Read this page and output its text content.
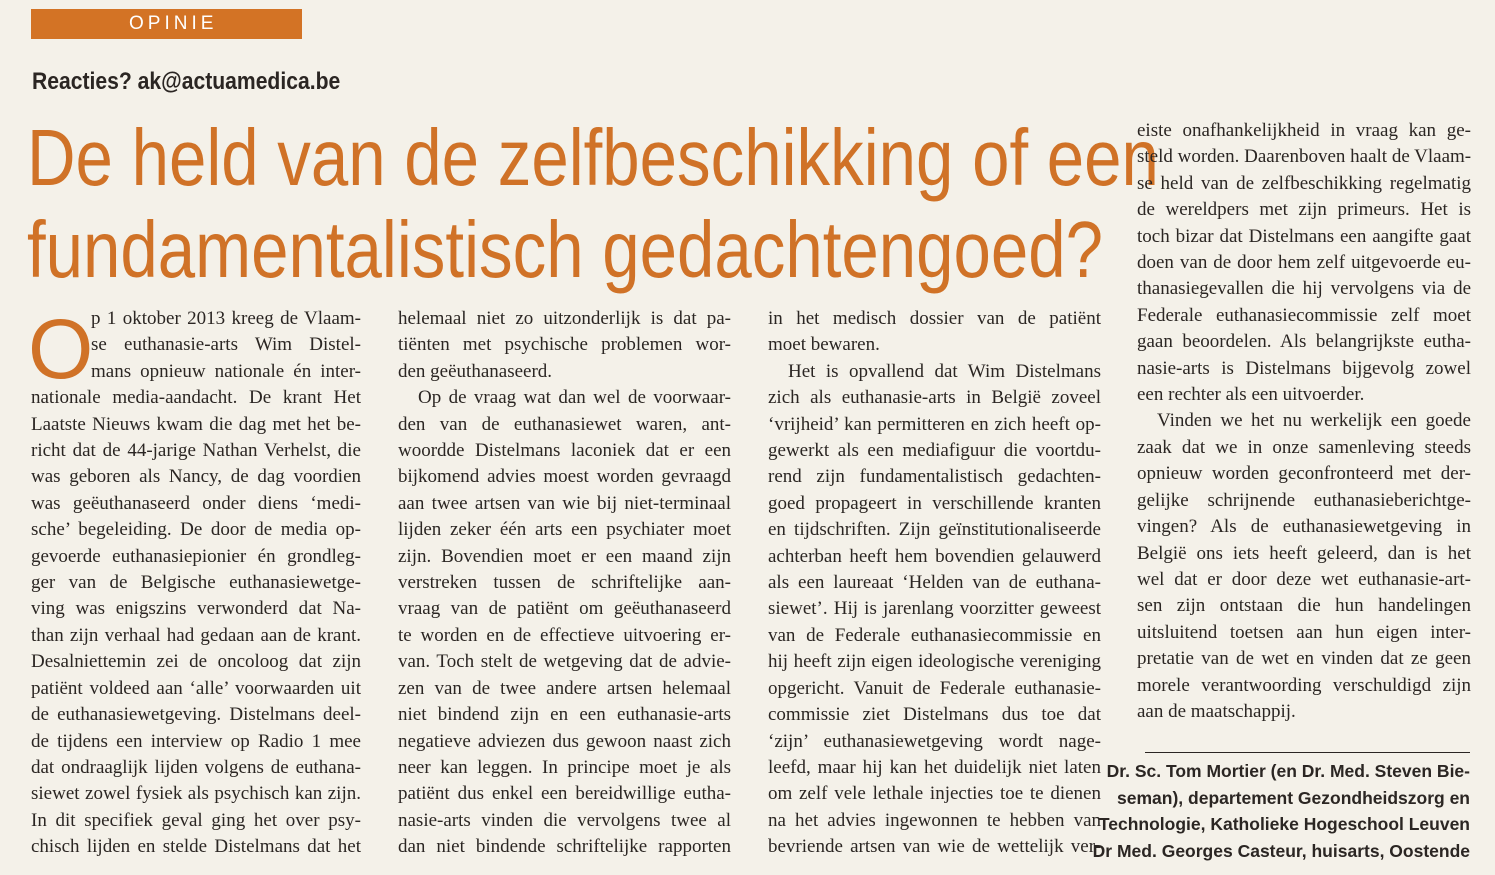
OPINIE
Reacties? ak@actuamedica.be
De held van de zelfbeschikking of een
fundamentalistisch gedachtengoed?
O

p 1 oktober 2013 kreeg de Vlaam-
se euthanasie-arts Wim Distel-
mans opnieuw nationale én inter-
nationale media-aandacht. De krant Het
Laatste Nieuws kwam die dag met het be-
richt dat de 44-jarige Nathan Verhelst, die
was geboren als Nancy, de dag voordien
was geëuthanaseerd onder diens ‘medi-
sche’ begeleiding. De door de media op-
gevoerde euthanasiepionier én grondleg-
ger van de Belgische euthanasiewetge-
ving was enigszins verwonderd dat Na-
than zijn verhaal had gedaan aan de krant.
Desalniettemin zei de oncoloog dat zijn
patiënt voldeed aan ‘alle’ voorwaarden uit
de euthanasiewetgeving. Distelmans deel-
de tijdens een interview op Radio 1 mee
dat ondraaglijk lijden volgens de euthana-
siewet zowel fysiek als psychisch kan zijn.
In dit specifiek geval ging het over psy-
chisch lijden en stelde Distelmans dat het

helemaal niet zo uitzonderlijk is dat pa-
tiënten met psychische problemen wor-
den geëuthanaseerd.

Op de vraag wat dan wel de voorwaar-
den van de euthanasiewet waren, ant-
woordde Distelmans laconiek dat er een
bijkomend advies moest worden gevraagd
aan twee artsen van wie bij niet-terminaal
lijden zeker één arts een psychiater moet
zijn. Bovendien moet er een maand zijn
verstreken tussen de schriftelijke aan-
vraag van de patiënt om geëuthanaseerd
te worden en de effectieve uitvoering er-
van. Toch stelt de wetgeving dat de advie-
zen van de twee andere artsen helemaal
niet bindend zijn en een euthanasie-arts
negatieve adviezen dus gewoon naast zich
neer kan leggen. In principe moet je als
patiënt dus enkel een bereidwillige eutha-
nasie-arts vinden die vervolgens twee al
dan niet bindende schriftelijke rapporten

in het medisch dossier van de patiënt
moet bewaren.

Het is opvallend dat Wim Distelmans
zich als euthanasie-arts in België zoveel
‘vrijheid’ kan permitteren en zich heeft op-
gewerkt als een mediafiguur die voortdu-
rend zijn fundamentalistisch gedachten-
goed propageert in verschillende kranten
en tijdschriften. Zijn geïnstitutionaliseerde
achterban heeft hem bovendien gelauwerd
als een laureaat ‘Helden van de euthana-
siewet’. Hij is jarenlang voorzitter geweest
van de Federale euthanasiecommissie en
hij heeft zijn eigen ideologische vereniging
opgericht. Vanuit de Federale euthanasie-
commissie ziet Distelmans dus toe dat
‘zijn’ euthanasiewetgeving wordt nage-
leefd, maar hij kan het duidelijk niet laten
om zelf vele lethale injecties toe te dienen
na het advies ingewonnen te hebben van
bevriende artsen van wie de wettelijk ver-

eiste onafhankelijkheid in vraag kan ge-
steld worden. Daarenboven haalt de Vlaam-
se held van de zelfbeschikking regelmatig
de wereldpers met zijn primeurs. Het is
toch bizar dat Distelmans een aangifte gaat
doen van de door hem zelf uitgevoerde eu-
thanasiegevallen die hij vervolgens via de
Federale euthanasiecommissie zelf moet
gaan beoordelen. Als belangrijkste eutha-
nasie-arts is Distelmans bijgevolg zowel
een rechter als een uitvoerder.

Vinden we het nu werkelijk een goede
zaak dat we in onze samenleving steeds
opnieuw worden geconfronteerd met der-
gelijke schrijnende euthanasieberichtge-
vingen? Als de euthanasiewetgeving in
België ons iets heeft geleerd, dan is het
wel dat er door deze wet euthanasie-art-
sen zijn ontstaan die hun handelingen
uitsluitend toetsen aan hun eigen inter-
pretatie van de wet en vinden dat ze geen
morele verantwoording verschuldigd zijn
aan de maatschappij.

Dr. Sc. Tom Mortier (en Dr. Med. Steven Bie-
seman), departement Gezondheidszorg en
Technologie, Katholieke Hogeschool Leuven
Dr Med. Georges Casteur, huisarts, Oostende
